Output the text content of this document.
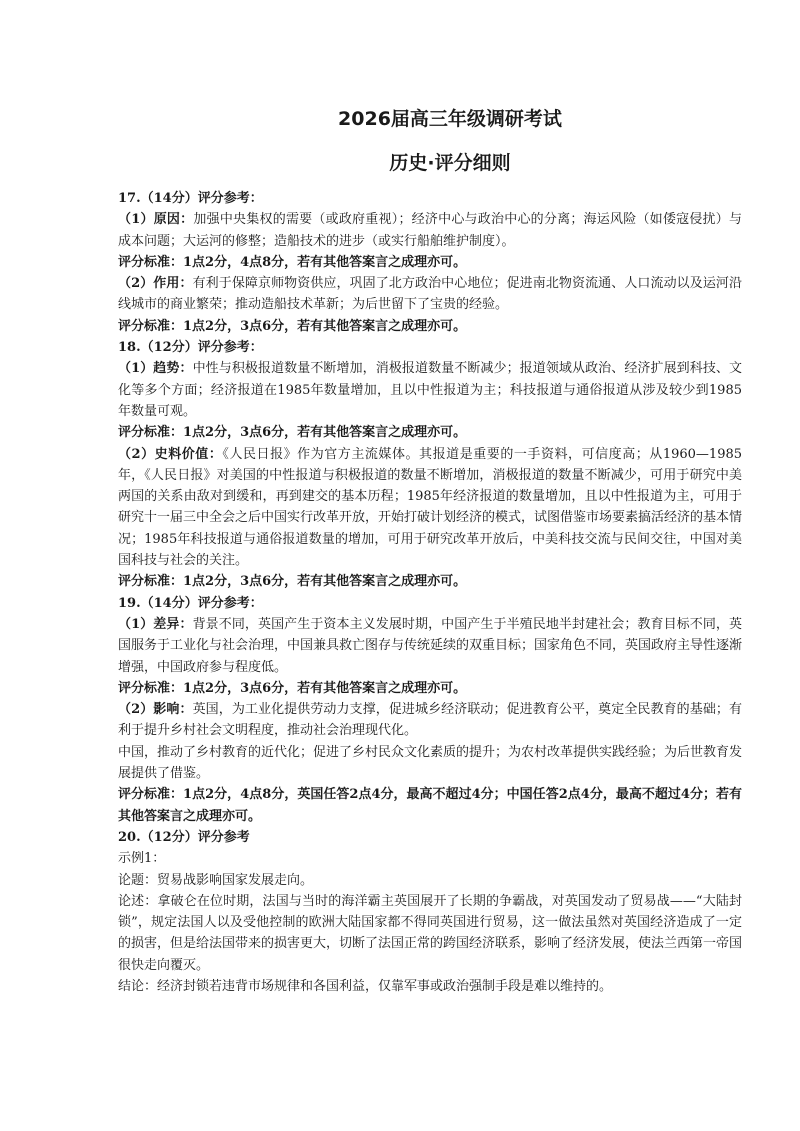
2026届高三年级调研考试
历史·评分细则

17.（14分）评分参考：

（1）原因：加强中央集权的需要（或政府重视）；经济中心与政治中心的分离；海运风险（如倭寇侵扰）与成本问题；大运河的修整；造船技术的进步（或实行船舶维护制度）。

评分标准：1点2分，4点8分，若有其他答案言之成理亦可。

（2）作用：有利于保障京师物资供应，巩固了北方政治中心地位；促进南北物资流通、人口流动以及运河沿线城市的商业繁荣；推动造船技术革新；为后世留下了宝贵的经验。

评分标准：1点2分，3点6分，若有其他答案言之成理亦可。

18.（12分）评分参考：

（1）趋势：中性与积极报道数量不断增加，消极报道数量不断减少；报道领域从政治、经济扩展到科技、文化等多个方面；经济报道在1985年数量增加，且以中性报道为主；科技报道与通俗报道从涉及较少到1985年数量可观。

评分标准：1点2分，3点6分，若有其他答案言之成理亦可。

（2）史料价值：《人民日报》作为官方主流媒体。其报道是重要的一手资料，可信度高；从1960—1985年，《人民日报》对美国的中性报道与积极报道的数量不断增加，消极报道的数量不断减少，可用于研究中美两国的关系由敌对到缓和，再到建交的基本历程；1985年经济报道的数量增加，且以中性报道为主，可用于研究十一届三中全会之后中国实行改革开放，开始打破计划经济的模式，试图借鉴市场要素搞活经济的基本情况；1985年科技报道与通俗报道数量的增加，可用于研究改革开放后，中美科技交流与民间交往，中国对美国科技与社会的关注。

评分标准：1点2分，3点6分，若有其他答案言之成理亦可。

19.（14分）评分参考：

（1）差异：背景不同，英国产生于资本主义发展时期，中国产生于半殖民地半封建社会；教育目标不同，英国服务于工业化与社会治理，中国兼具救亡图存与传统延续的双重目标；国家角色不同，英国政府主导性逐渐增强，中国政府参与程度低。

评分标准：1点2分，3点6分，若有其他答案言之成理亦可。

（2）影响：英国，为工业化提供劳动力支撑，促进城乡经济联动；促进教育公平，奠定全民教育的基础；有利于提升乡村社会文明程度，推动社会治理现代化。

中国，推动了乡村教育的近代化；促进了乡村民众文化素质的提升；为农村改革提供实践经验；为后世教育发展提供了借鉴。

评分标准：1点2分，4点8分，英国任答2点4分，最高不超过4分；中国任答2点4分，最高不超过4分；若有其他答案言之成理亦可。

20.（12分）评分参考

示例1：

论题：贸易战影响国家发展走向。

论述：拿破仑在位时期，法国与当时的海洋霸主英国展开了长期的争霸战，对英国发动了贸易战——“大陆封锁”，规定法国人以及受他控制的欧洲大陆国家都不得同英国进行贸易，这一做法虽然对英国经济造成了一定的损害，但是给法国带来的损害更大，切断了法国正常的跨国经济联系，影响了经济发展，使法兰西第一帝国很快走向覆灭。

结论：经济封锁若违背市场规律和各国利益，仅靠军事或政治强制手段是难以维持的。
